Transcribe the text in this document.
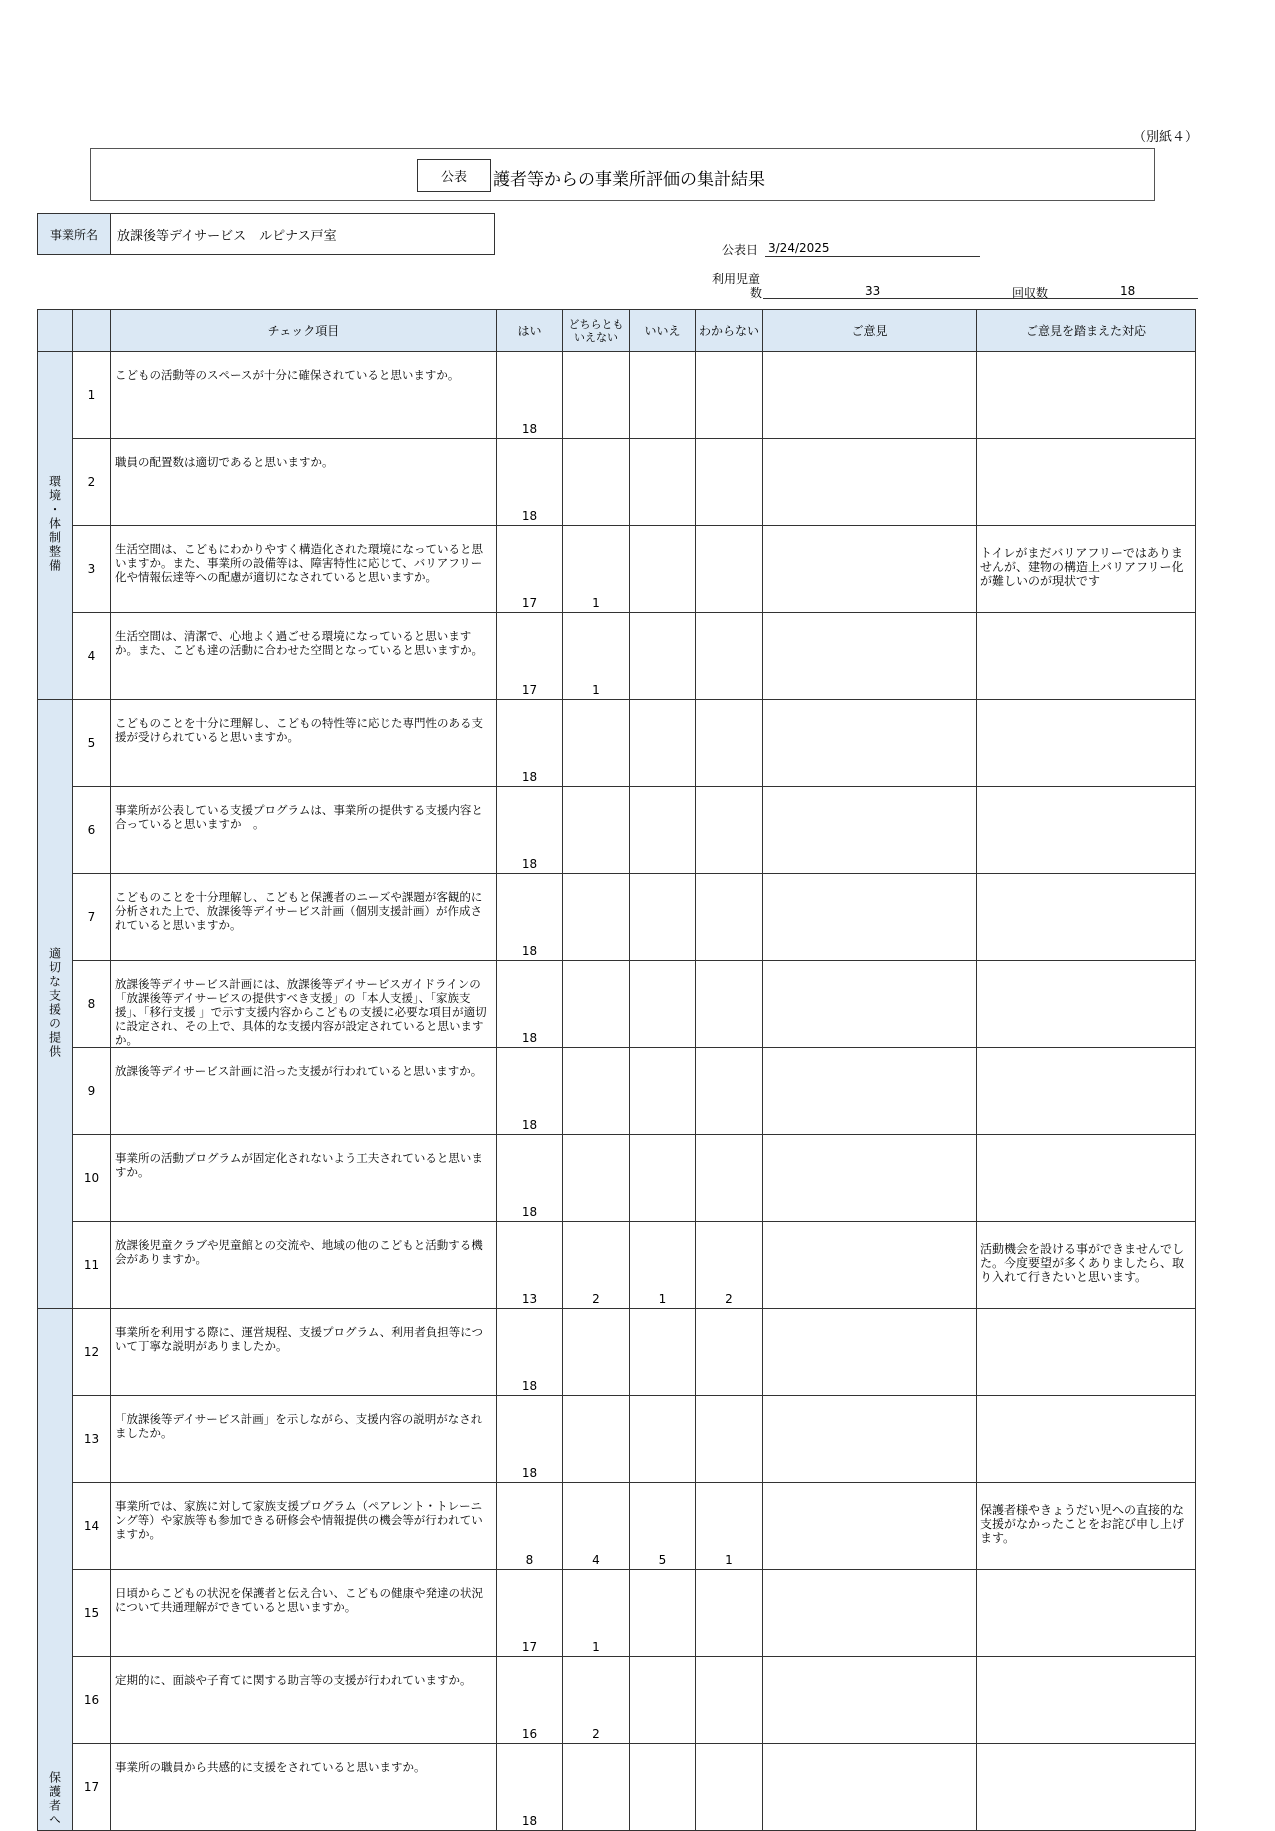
（別紙４）
公表	護者等からの事業所評価の集計結果
事業所名	放課後等デイサービス　ルピナス戸室
公表日 3/24/2025
利用児童
数	33	回収数	18
		チェック項目	はい	どちらとも
いえない	いいえ	わからない	ご意見	ご意見を踏まえた対応
環境・体制整備	1	こどもの活動等のスペースが十分に確保されていると思いますか。	18					
	2	職員の配置数は適切であると思いますか。	18					
	3	生活空間は、こどもにわかりやすく構造化された環境になっていると思いますか。また、事業所の設備等は、障害特性に応じて、バリアフリー化や情報伝達等への配慮が適切になされていると思いますか。	17	1				トイレがまだバリアフリーではありませんが、建物の構造上バリアフリー化が難しいのが現状です
	4	生活空間は、清潔で、心地よく過ごせる環境になっていると思いますか。また、こども達の活動に合わせた空間となっていると思いますか。	17	1				
適切な支援の提供	5	こどものことを十分に理解し、こどもの特性等に応じた専門性のある支援が受けられていると思いますか。	18					
	6	事業所が公表している支援プログラムは、事業所の提供する支援内容と合っていると思いますか　。	18					
	7	こどものことを十分理解し、こどもと保護者のニーズや課題が客観的に分析された上で、放課後等デイサービス計画（個別支援計画）が作成されていると思いますか。	18					
	8	放課後等デイサービス計画には、放課後等デイサービスガイドラインの「放課後等デイサービスの提供すべき支援」の「本人支援」、「家族支援」、「移行支援 」で示す支援内容からこどもの支援に必要な項目が適切に設定され、その上で、具体的な支援内容が設定されていると思いますか。	18					
	9	放課後等デイサービス計画に沿った支援が行われていると思いますか。	18					
	10	事業所の活動プログラムが固定化されないよう工夫されていると思いますか。	18					
	11	放課後児童クラブや児童館との交流や、地域の他のこどもと活動する機会がありますか。	13	2	1	2		活動機会を設ける事ができませんでした。今度要望が多くありましたら、取り入れて行きたいと思います。
保護者へ	12	事業所を利用する際に、運営規程、支援プログラム、利用者負担等について丁寧な説明がありましたか。	18					
	13	「放課後等デイサービス計画」を示しながら、支援内容の説明がなされましたか。	18					
	14	事業所では、家族に対して家族支援プログラム（ペアレント・トレーニング等）や家族等も参加できる研修会や情報提供の機会等が行われていますか。	8	4	5	1		保護者様やきょうだい児への直接的な支援がなかったことをお詫び申し上げます。
	15	日頃からこどもの状況を保護者と伝え合い、こどもの健康や発達の状況について共通理解ができていると思いますか。	17	1				
	16	定期的に、面談や子育てに関する助言等の支援が行われていますか。	16	2				
	17	事業所の職員から共感的に支援をされていると思いますか。	18					
